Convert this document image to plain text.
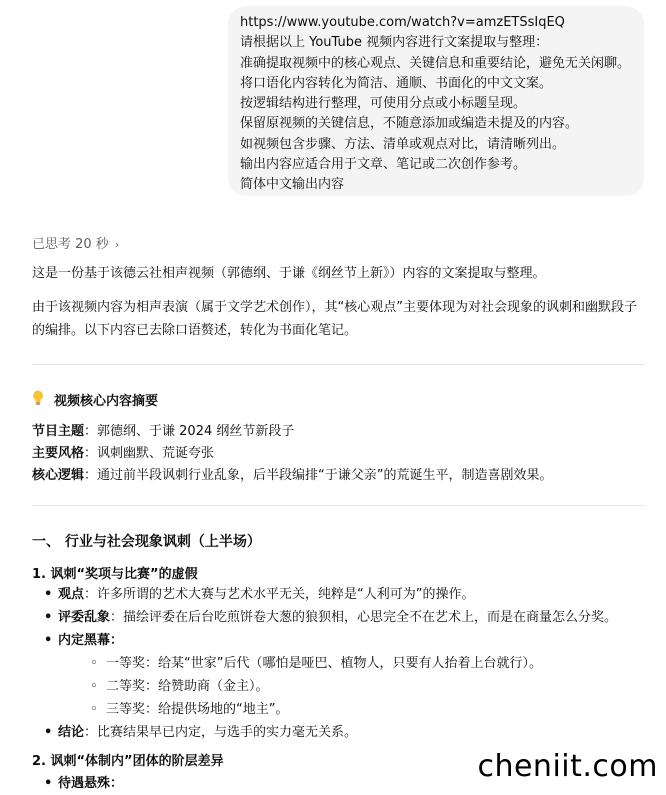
https://www.youtube.com/watch?v=amzETSsIqEQ
请根据以上 YouTube 视频内容进行文案提取与整理：
准确提取视频中的核心观点、关键信息和重要结论，避免无关闲聊。
将口语化内容转化为简洁、通顺、书面化的中文文案。
按逻辑结构进行整理，可使用分点或小标题呈现。
保留原视频的关键信息，不随意添加或编造未提及的内容。
如视频包含步骤、方法、清单或观点对比，请清晰列出。
输出内容应适合用于文章、笔记或二次创作参考。
简体中文输出内容
已思考 20 秒 ›
这是一份基于该德云社相声视频（郭德纲、于谦《纲丝节上新》）内容的文案提取与整理。
由于该视频内容为相声表演（属于文学艺术创作），其“核心观点”主要体现为对社会现象的讽刺和幽默段子的编排。以下内容已去除口语赘述，转化为书面化笔记。
视频核心内容摘要
节目主题：郭德纲、于谦 2024 纲丝节新段子
主要风格：讽刺幽默、荒诞夸张
核心逻辑：通过前半段讽刺行业乱象，后半段编排“于谦父亲”的荒诞生平，制造喜剧效果。
一、 行业与社会现象讽刺（上半场）
1. 讽刺“奖项与比赛”的虚假
• 观点：许多所谓的艺术大赛与艺术水平无关，纯粹是“人利可为”的操作。
• 评委乱象：描绘评委在后台吃煎饼卷大葱的狼狈相，心思完全不在艺术上，而是在商量怎么分奖。
• 内定黑幕：
◦ 一等奖：给某“世家”后代（哪怕是哑巴、植物人，只要有人抬着上台就行）。
◦ 二等奖：给赞助商（金主）。
◦ 三等奖：给提供场地的“地主”。
• 结论：比赛结果早已内定，与选手的实力毫无关系。
2. 讽刺“体制内”团体的阶层差异
• 待遇悬殊：	cheniit.com
